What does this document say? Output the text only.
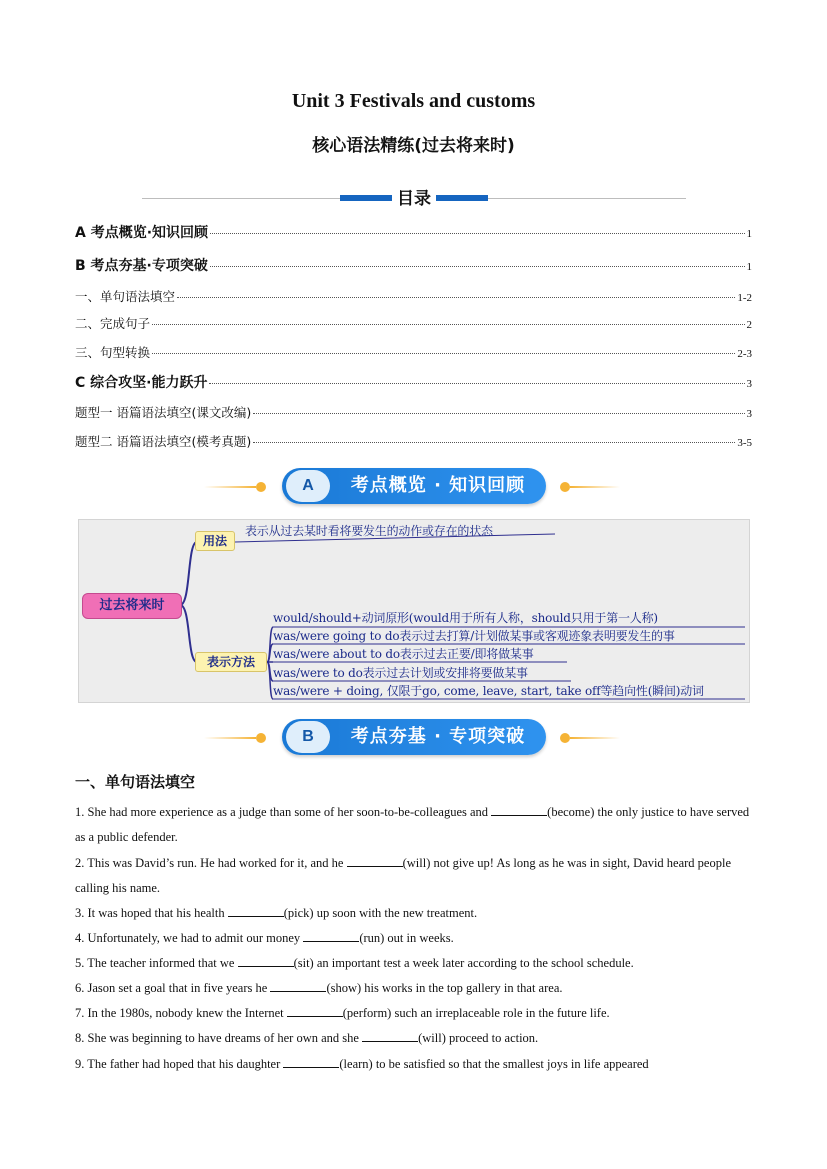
Unit 3 Festivals and customs
核心语法精练(过去将来时)
目录
A 考点概览·知识回顾	1
B 考点夯基·专项突破	1
一、单句语法填空	1-2
二、完成句子	2
三、句型转换	2-3
C 综合攻坚·能力跃升	3
题型一 语篇语法填空(课文改编)	3
题型二 语篇语法填空(模考真题)	3-5
A	考点概览 · 知识回顾
过去将来时
用法
表示从过去某时看将要发生的动作或存在的状态
表示方法
would/should+动词原形(would用于所有人称，should只用于第一人称)
was/were going to do表示过去打算/计划做某事或客观迹象表明要发生的事
was/were about to do表示过去正要/即将做某事
was/were to do表示过去计划或安排将要做某事
was/were + doing, 仅限于go, come, leave, start, take off等趋向性(瞬间)动词
B	考点夯基 · 专项突破
一、单句语法填空
1. She had more experience as a judge than some of her soon-to-be-colleagues and	(become) the only justice to have served as a public defender.
2. This was David’s run. He had worked for it, and he	(will) not give up! As long as he was in sight, David heard people calling his name.
3. It was hoped that his health	(pick) up soon with the new treatment.
4. Unfortunately, we had to admit our money	(run) out in weeks.
5. The teacher informed that we	(sit) an important test a week later according to the school schedule.
6. Jason set a goal that in five years he	(show) his works in the top gallery in that area.
7. In the 1980s, nobody knew the Internet	(perform) such an irreplaceable role in the future life.
8. She was beginning to have dreams of her own and she	(will) proceed to action.
9. The father had hoped that his daughter	(learn) to be satisfied so that the smallest joys in life appeared
